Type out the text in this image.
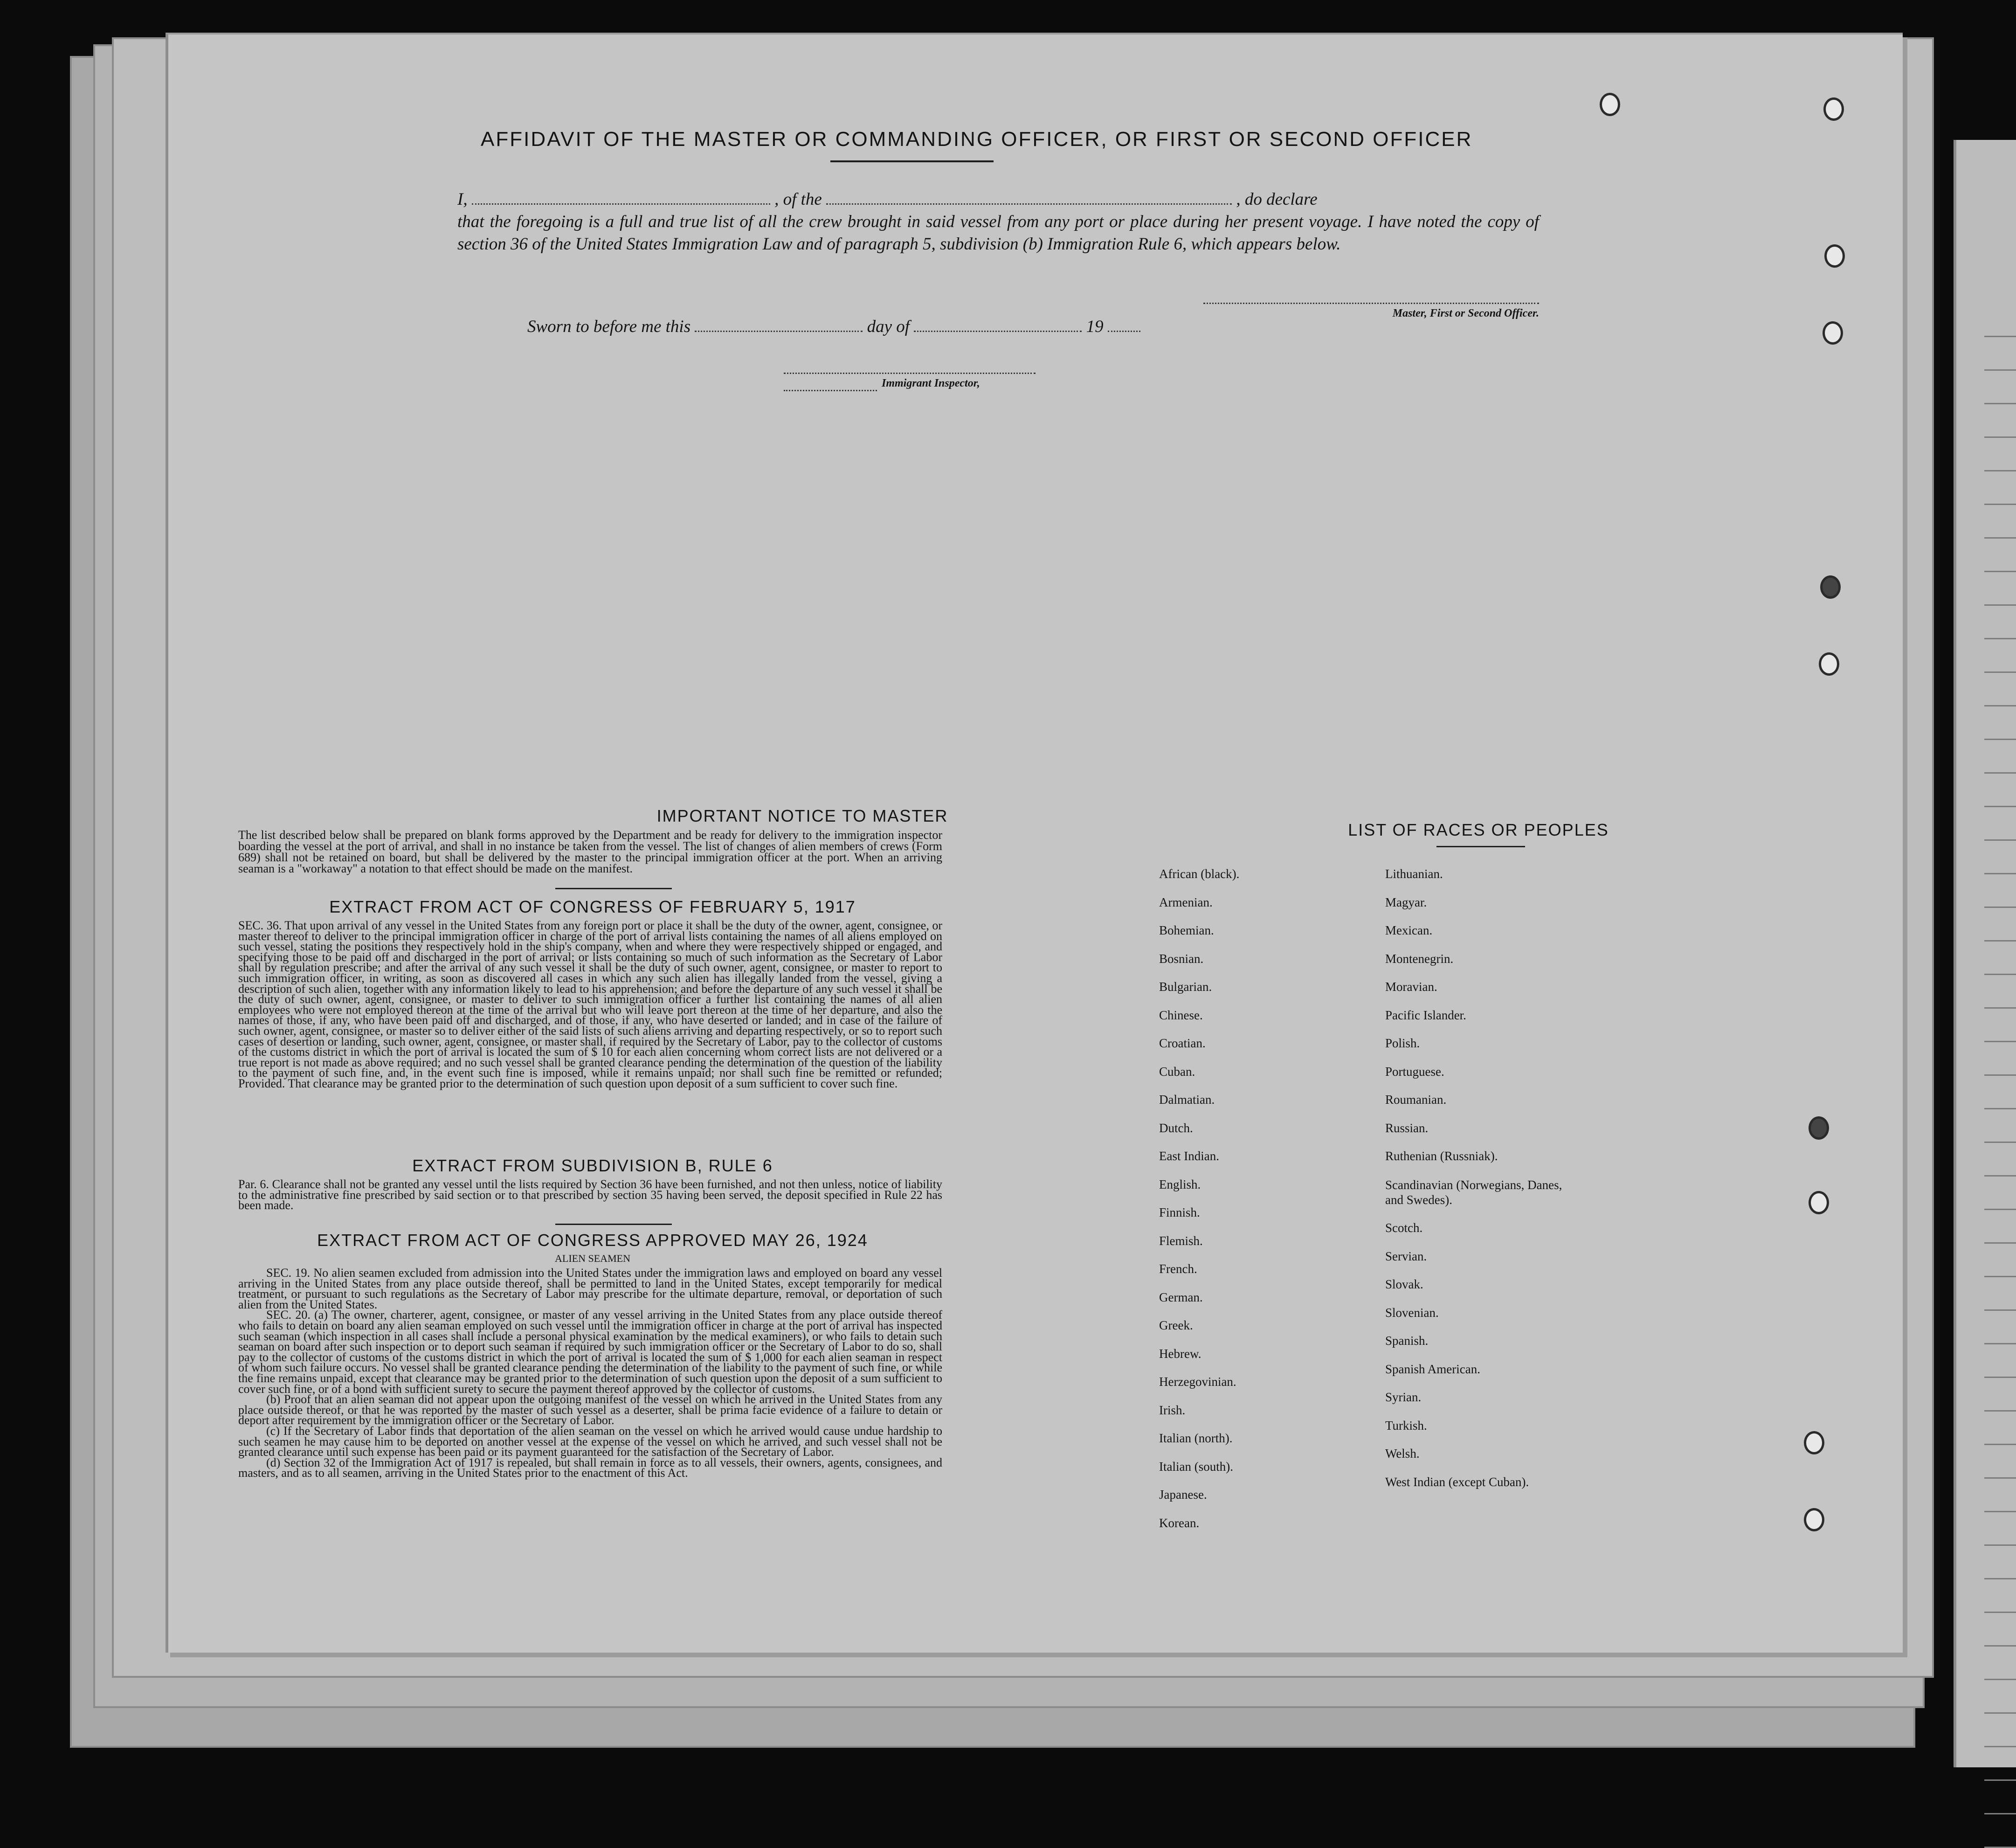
AFFIDAVIT OF THE MASTER OR COMMANDING OFFICER, OR FIRST OR SECOND OFFICER
I,	, of the	, do declare
that the foregoing is a full and true list of all the crew brought in said vessel from any port or place during her present voyage. I have noted the copy of section 36 of the United States Immigration Law and of paragraph 5, subdivision (b) Immigration Rule 6, which appears below.
Master, First or Second Officer.
Sworn to before me this	day of	19
Immigrant Inspector,
IMPORTANT NOTICE TO MASTER
The list described below shall be prepared on blank forms approved by the Department and be ready for delivery to the immigration inspector boarding the vessel at the port of arrival, and shall in no instance be taken from the vessel. The list of changes of alien members of crews (Form 689) shall not be retained on board, but shall be delivered by the master to the principal immigration officer at the port. When an arriving seaman is a "workaway" a notation to that effect should be made on the manifest.
EXTRACT FROM ACT OF CONGRESS OF FEBRUARY 5, 1917
SEC. 36. That upon arrival of any vessel in the United States from any foreign port or place it shall be the duty of the owner, agent, consignee, or master thereof to deliver to the principal immigration officer in charge of the port of arrival lists containing the names of all aliens employed on such vessel, stating the positions they respectively hold in the ship's company, when and where they were respectively shipped or engaged, and specifying those to be paid off and discharged in the port of arrival; or lists containing so much of such information as the Secretary of Labor shall by regulation prescribe; and after the arrival of any such vessel it shall be the duty of such owner, agent, consignee, or master to report to such immigration officer, in writing, as soon as discovered all cases in which any such alien has illegally landed from the vessel, giving a description of such alien, together with any information likely to lead to his apprehension; and before the departure of any such vessel it shall be the duty of such owner, agent, consignee, or master to deliver to such immigration officer a further list containing the names of all alien employees who were not employed thereon at the time of the arrival but who will leave port thereon at the time of her departure, and also the names of those, if any, who have been paid off and discharged, and of those, if any, who have deserted or landed; and in case of the failure of such owner, agent, consignee, or master so to deliver either of the said lists of such aliens arriving and departing respectively, or so to report such cases of desertion or landing, such owner, agent, consignee, or master shall, if required by the Secretary of Labor, pay to the collector of customs of the customs district in which the port of arrival is located the sum of $ 10 for each alien concerning whom correct lists are not delivered or a true report is not made as above required; and no such vessel shall be granted clearance pending the determination of the question of the liability to the payment of such fine, and, in the event such fine is imposed, while it remains unpaid; nor shall such fine be remitted or refunded; Provided. That clearance may be granted prior to the determination of such question upon deposit of a sum sufficient to cover such fine.
EXTRACT FROM SUBDIVISION B, RULE 6
Par. 6. Clearance shall not be granted any vessel until the lists required by Section 36 have been furnished, and not then unless, notice of liability to the administrative fine prescribed by said section or to that prescribed by section 35 having been served, the deposit specified in Rule 22 has been made.
EXTRACT FROM ACT OF CONGRESS APPROVED MAY 26, 1924
ALIEN SEAMEN
SEC. 19. No alien seamen excluded from admission into the United States under the immigration laws and employed on board any vessel arriving in the United States from any place outside thereof, shall be permitted to land in the United States, except temporarily for medical treatment, or pursuant to such regulations as the Secretary of Labor may prescribe for the ultimate departure, removal, or deportation of such alien from the United States.
SEC. 20. (a) The owner, charterer, agent, consignee, or master of any vessel arriving in the United States from any place outside thereof who fails to detain on board any alien seaman employed on such vessel until the immigration officer in charge at the port of arrival has inspected such seaman (which inspection in all cases shall include a personal physical examination by the medical examiners), or who fails to detain such seaman on board after such inspection or to deport such seaman if required by such immigration officer or the Secretary of Labor to do so, shall pay to the collector of customs of the customs district in which the port of arrival is located the sum of $ 1,000 for each alien seaman in respect of whom such failure occurs. No vessel shall be granted clearance pending the determination of the liability to the payment of such fine, or while the fine remains unpaid, except that clearance may be granted prior to the determination of such question upon the deposit of a sum sufficient to cover such fine, or of a bond with sufficient surety to secure the payment thereof approved by the collector of customs.
(b) Proof that an alien seaman did not appear upon the outgoing manifest of the vessel on which he arrived in the United States from any place outside thereof, or that he was reported by the master of such vessel as a deserter, shall be prima facie evidence of a failure to detain or deport after requirement by the immigration officer or the Secretary of Labor.
(c) If the Secretary of Labor finds that deportation of the alien seaman on the vessel on which he arrived would cause undue hardship to such seamen he may cause him to be deported on another vessel at the expense of the vessel on which he arrived, and such vessel shall not be granted clearance until such expense has been paid or its payment guaranteed for the satisfaction of the Secretary of Labor.
(d) Section 32 of the Immigration Act of 1917 is repealed, but shall remain in force as to all vessels, their owners, agents, consignees, and masters, and as to all seamen, arriving in the United States prior to the enactment of this Act.
LIST OF RACES OR PEOPLES
African (black).
Armenian.
Bohemian.
Bosnian.
Bulgarian.
Chinese.
Croatian.
Cuban.
Dalmatian.
Dutch.
East Indian.
English.
Finnish.
Flemish.
French.
German.
Greek.
Hebrew.
Herzegovinian.
Irish.
Italian (north).
Italian (south).
Japanese.
Korean.
Lithuanian.
Magyar.
Mexican.
Montenegrin.
Moravian.
Pacific Islander.
Polish.
Portuguese.
Roumanian.
Russian.
Ruthenian (Russniak).
Scandinavian (Norwegians, Danes, and Swedes).
Scotch.
Servian.
Slovak.
Slovenian.
Spanish.
Spanish American.
Syrian.
Turkish.
Welsh.
West Indian (except Cuban).
